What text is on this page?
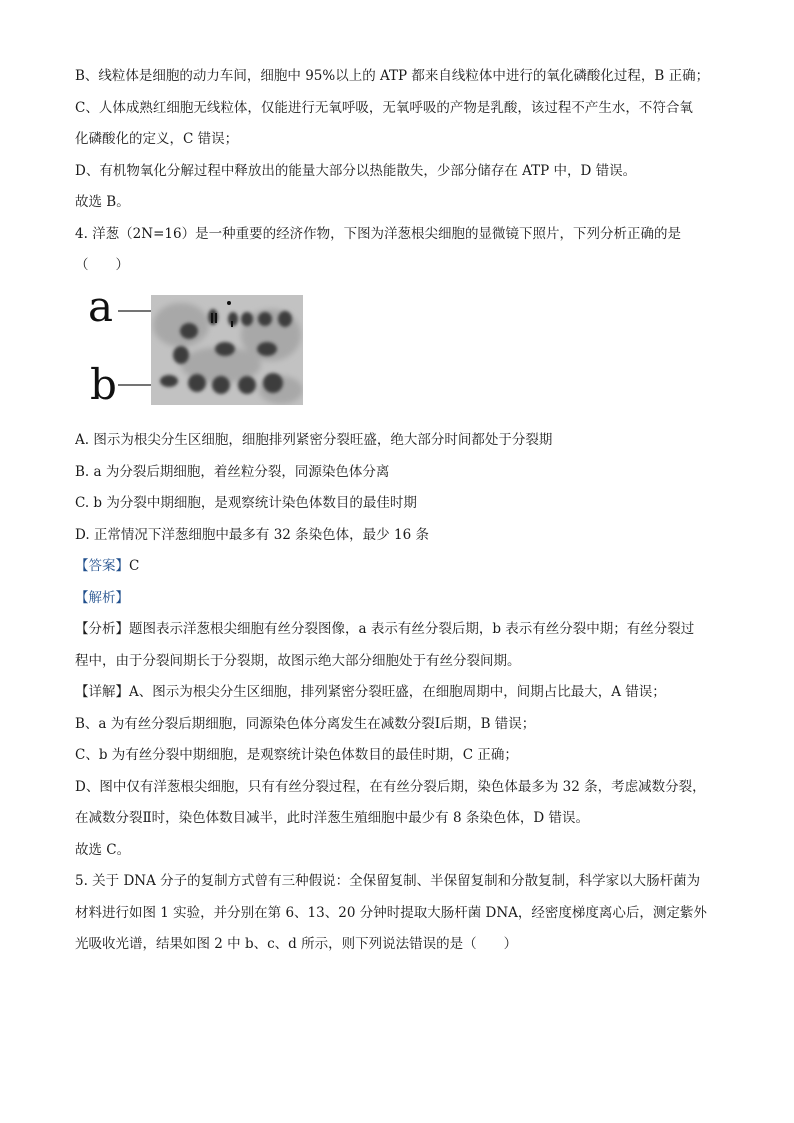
B、线粒体是细胞的动力车间，细胞中 95%以上的 ATP 都来自线粒体中进行的氧化磷酸化过程，B 正确；
C、人体成熟红细胞无线粒体，仅能进行无氧呼吸，无氧呼吸的产物是乳酸，该过程不产生水，不符合氧
化磷酸化的定义，C 错误；
D、有机物氧化分解过程中释放出的能量大部分以热能散失，少部分储存在 ATP 中，D 错误。
故选 B。
4. 洋葱（2N=16）是一种重要的经济作物，下图为洋葱根尖细胞的显微镜下照片，下列分析正确的是
（　　）
a
b
A. 图示为根尖分生区细胞，细胞排列紧密分裂旺盛，绝大部分时间都处于分裂期
B. a 为分裂后期细胞，着丝粒分裂，同源染色体分离
C. b 为分裂中期细胞，是观察统计染色体数目的最佳时期
D. 正常情况下洋葱细胞中最多有 32 条染色体，最少 16 条
【答案】C
【解析】
【分析】题图表示洋葱根尖细胞有丝分裂图像，a 表示有丝分裂后期，b 表示有丝分裂中期；有丝分裂过
程中，由于分裂间期长于分裂期，故图示绝大部分细胞处于有丝分裂间期。
【详解】A、图示为根尖分生区细胞，排列紧密分裂旺盛，在细胞周期中，间期占比最大，A 错误；
B、a 为有丝分裂后期细胞，同源染色体分离发生在减数分裂Ⅰ后期，B 错误；
C、b 为有丝分裂中期细胞，是观察统计染色体数目的最佳时期，C 正确；
D、图中仅有洋葱根尖细胞，只有有丝分裂过程，在有丝分裂后期，染色体最多为 32 条，考虑减数分裂，
在减数分裂Ⅱ时，染色体数目减半，此时洋葱生殖细胞中最少有 8 条染色体，D 错误。
故选 C。
5. 关于 DNA 分子的复制方式曾有三种假说：全保留复制、半保留复制和分散复制，科学家以大肠杆菌为
材料进行如图 1 实验，并分别在第 6、13、20 分钟时提取大肠杆菌 DNA，经密度梯度离心后，测定紫外
光吸收光谱，结果如图 2 中 b、c、d 所示，则下列说法错误的是（　　）
